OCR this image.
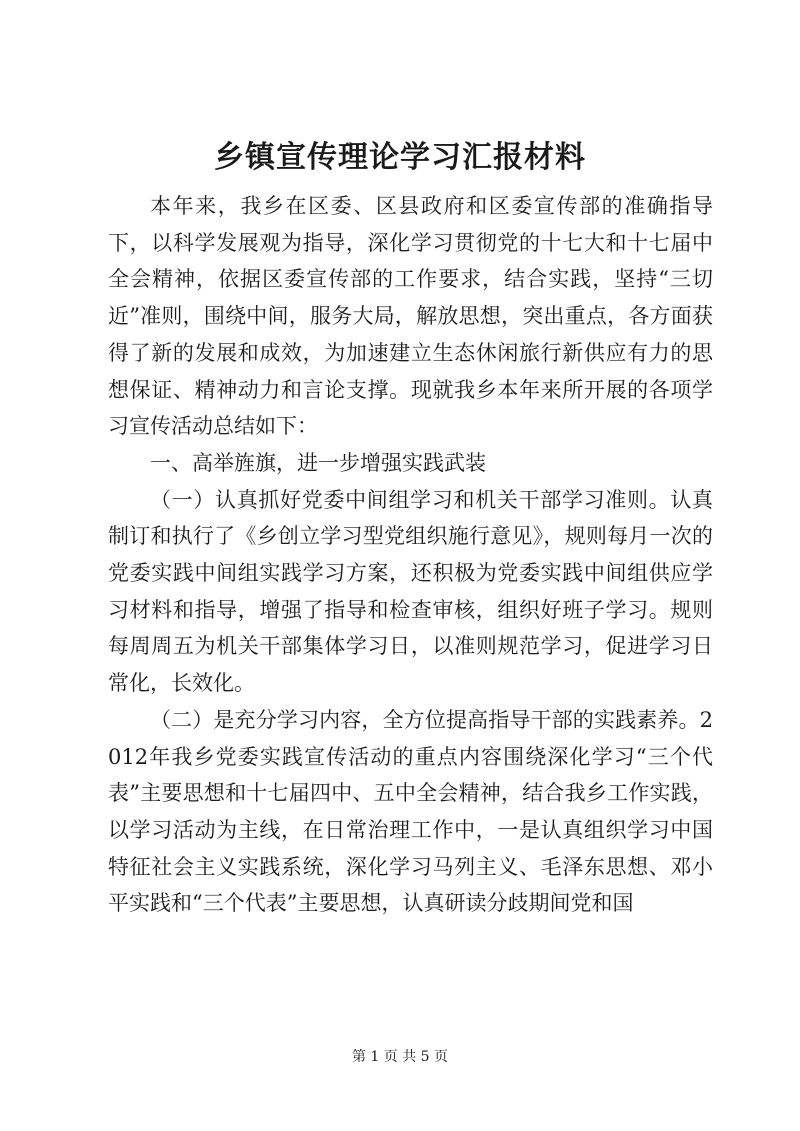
乡镇宣传理论学习汇报材料

本年来，我乡在区委、区县政府和区委宣传部的准确指导下，以科学发展观为指导，深化学习贯彻党的十七大和十七届中全会精神，依据区委宣传部的工作要求，结合实践，坚持“三切近”准则，围绕中间，服务大局，解放思想，突出重点，各方面获得了新的发展和成效，为加速建立生态休闲旅行新供应有力的思想保证、精神动力和言论支撑。现就我乡本年来所开展的各项学习宣传活动总结如下：

一、高举旌旗，进一步增强实践武装

（一）认真抓好党委中间组学习和机关干部学习准则。认真制订和执行了《乡创立学习型党组织施行意见》，规则每月一次的党委实践中间组实践学习方案，还积极为党委实践中间组供应学习材料和指导，增强了指导和检查审核，组织好班子学习。规则每周周五为机关干部集体学习日，以准则规范学习，促进学习日常化，长效化。

（二）是充分学习内容，全方位提高指导干部的实践素养。2012年我乡党委实践宣传活动的重点内容围绕深化学习“三个代表”主要思想和十七届四中、五中全会精神，结合我乡工作实践，以学习活动为主线，在日常治理工作中，一是认真组织学习中国特征社会主义实践系统，深化学习马列主义、毛泽东思想、邓小平实践和“三个代表”主要思想，认真研读分歧期间党和国

第 1 页 共 5 页
